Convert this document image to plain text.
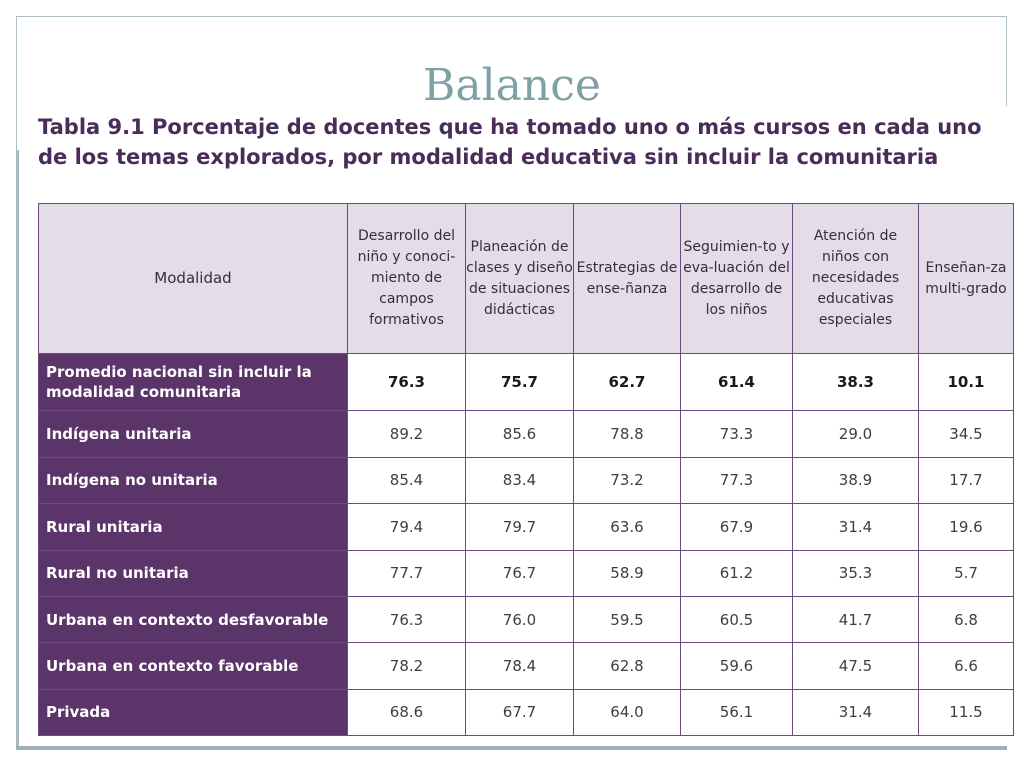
Balance
Tabla 9.1 Porcentaje de docentes que ha tomado uno o más cursos en cada uno de los temas explorados, por modalidad educativa sin incluir la comunitaria
Modalidad	Desarrollo del niño y conoci-miento de campos formativos	Planeación de clases y diseño de situaciones didácticas	Estrategias de ense-ñanza	Seguimien-to y eva-luación del desarrollo de los niños	Atención de niños con necesidades educativas especiales	Enseñan-za multi-grado
Promedio nacional sin incluir la modalidad comunitaria	76.3	75.7	62.7	61.4	38.3	10.1
Indígena unitaria	89.2	85.6	78.8	73.3	29.0	34.5
Indígena no unitaria	85.4	83.4	73.2	77.3	38.9	17.7
Rural unitaria	79.4	79.7	63.6	67.9	31.4	19.6
Rural no unitaria	77.7	76.7	58.9	61.2	35.3	5.7
Urbana en contexto desfavorable	76.3	76.0	59.5	60.5	41.7	6.8
Urbana en contexto favorable	78.2	78.4	62.8	59.6	47.5	6.6
Privada	68.6	67.7	64.0	56.1	31.4	11.5
